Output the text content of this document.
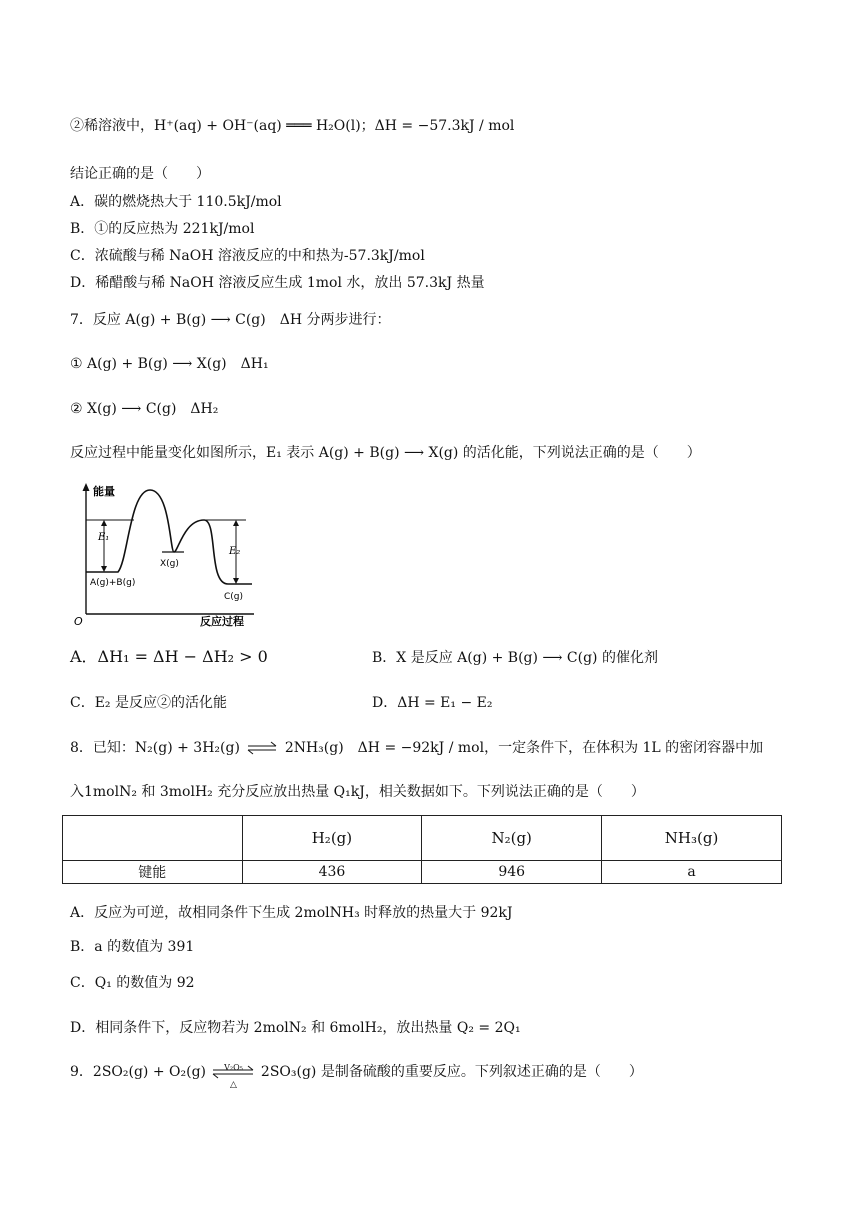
②稀溶液中，H⁺(aq) + OH⁻(aq) ═══ H₂O(l)；ΔH = −57.3kJ / mol
结论正确的是（　　）
A．碳的燃烧热大于 110.5kJ/mol
B．①的反应热为 221kJ/mol
C．浓硫酸与稀 NaOH 溶液反应的中和热为-57.3kJ/mol
D．稀醋酸与稀 NaOH 溶液反应生成 1mol 水，放出 57.3kJ 热量
7．反应 A(g) + B(g) ⟶ C(g)　ΔH 分两步进行：
① A(g) + B(g) ⟶ X(g)　ΔH₁
② X(g) ⟶ C(g)　ΔH₂
反应过程中能量变化如图所示，E₁ 表示 A(g) + B(g) ⟶ X(g) 的活化能，下列说法正确的是（　　）
能量
O	反应过程
E₁
E₂
A(g)+B(g)
X(g)
C(g)
A．ΔH₁ = ΔH − ΔH₂ > 0	B．X 是反应 A(g) + B(g) ⟶ C(g) 的催化剂
C．E₂ 是反应②的活化能	D．ΔH = E₁ − E₂
8．已知：N₂(g) + 3H₂(g) ⇌ 2NH₃(g)　ΔH = −92kJ / mol，一定条件下，在体积为 1L 的密闭容器中加
入1molN₂ 和 3molH₂ 充分反应放出热量 Q₁kJ，相关数据如下。下列说法正确的是（　　）
	H₂(g)	N₂(g)	NH₃(g)
键能	436	946	a
A．反应为可逆，故相同条件下生成 2molNH₃ 时释放的热量大于 92kJ
B．a 的数值为 391
C．Q₁ 的数值为 92
D．相同条件下，反应物若为 2molN₂ 和 6molH₂，放出热量 Q₂ = 2Q₁
9．2SO₂(g) + O₂(g)	V₂O₅
△
2SO₃(g) 是制备硫酸的重要反应。下列叙述正确的是（　　）
